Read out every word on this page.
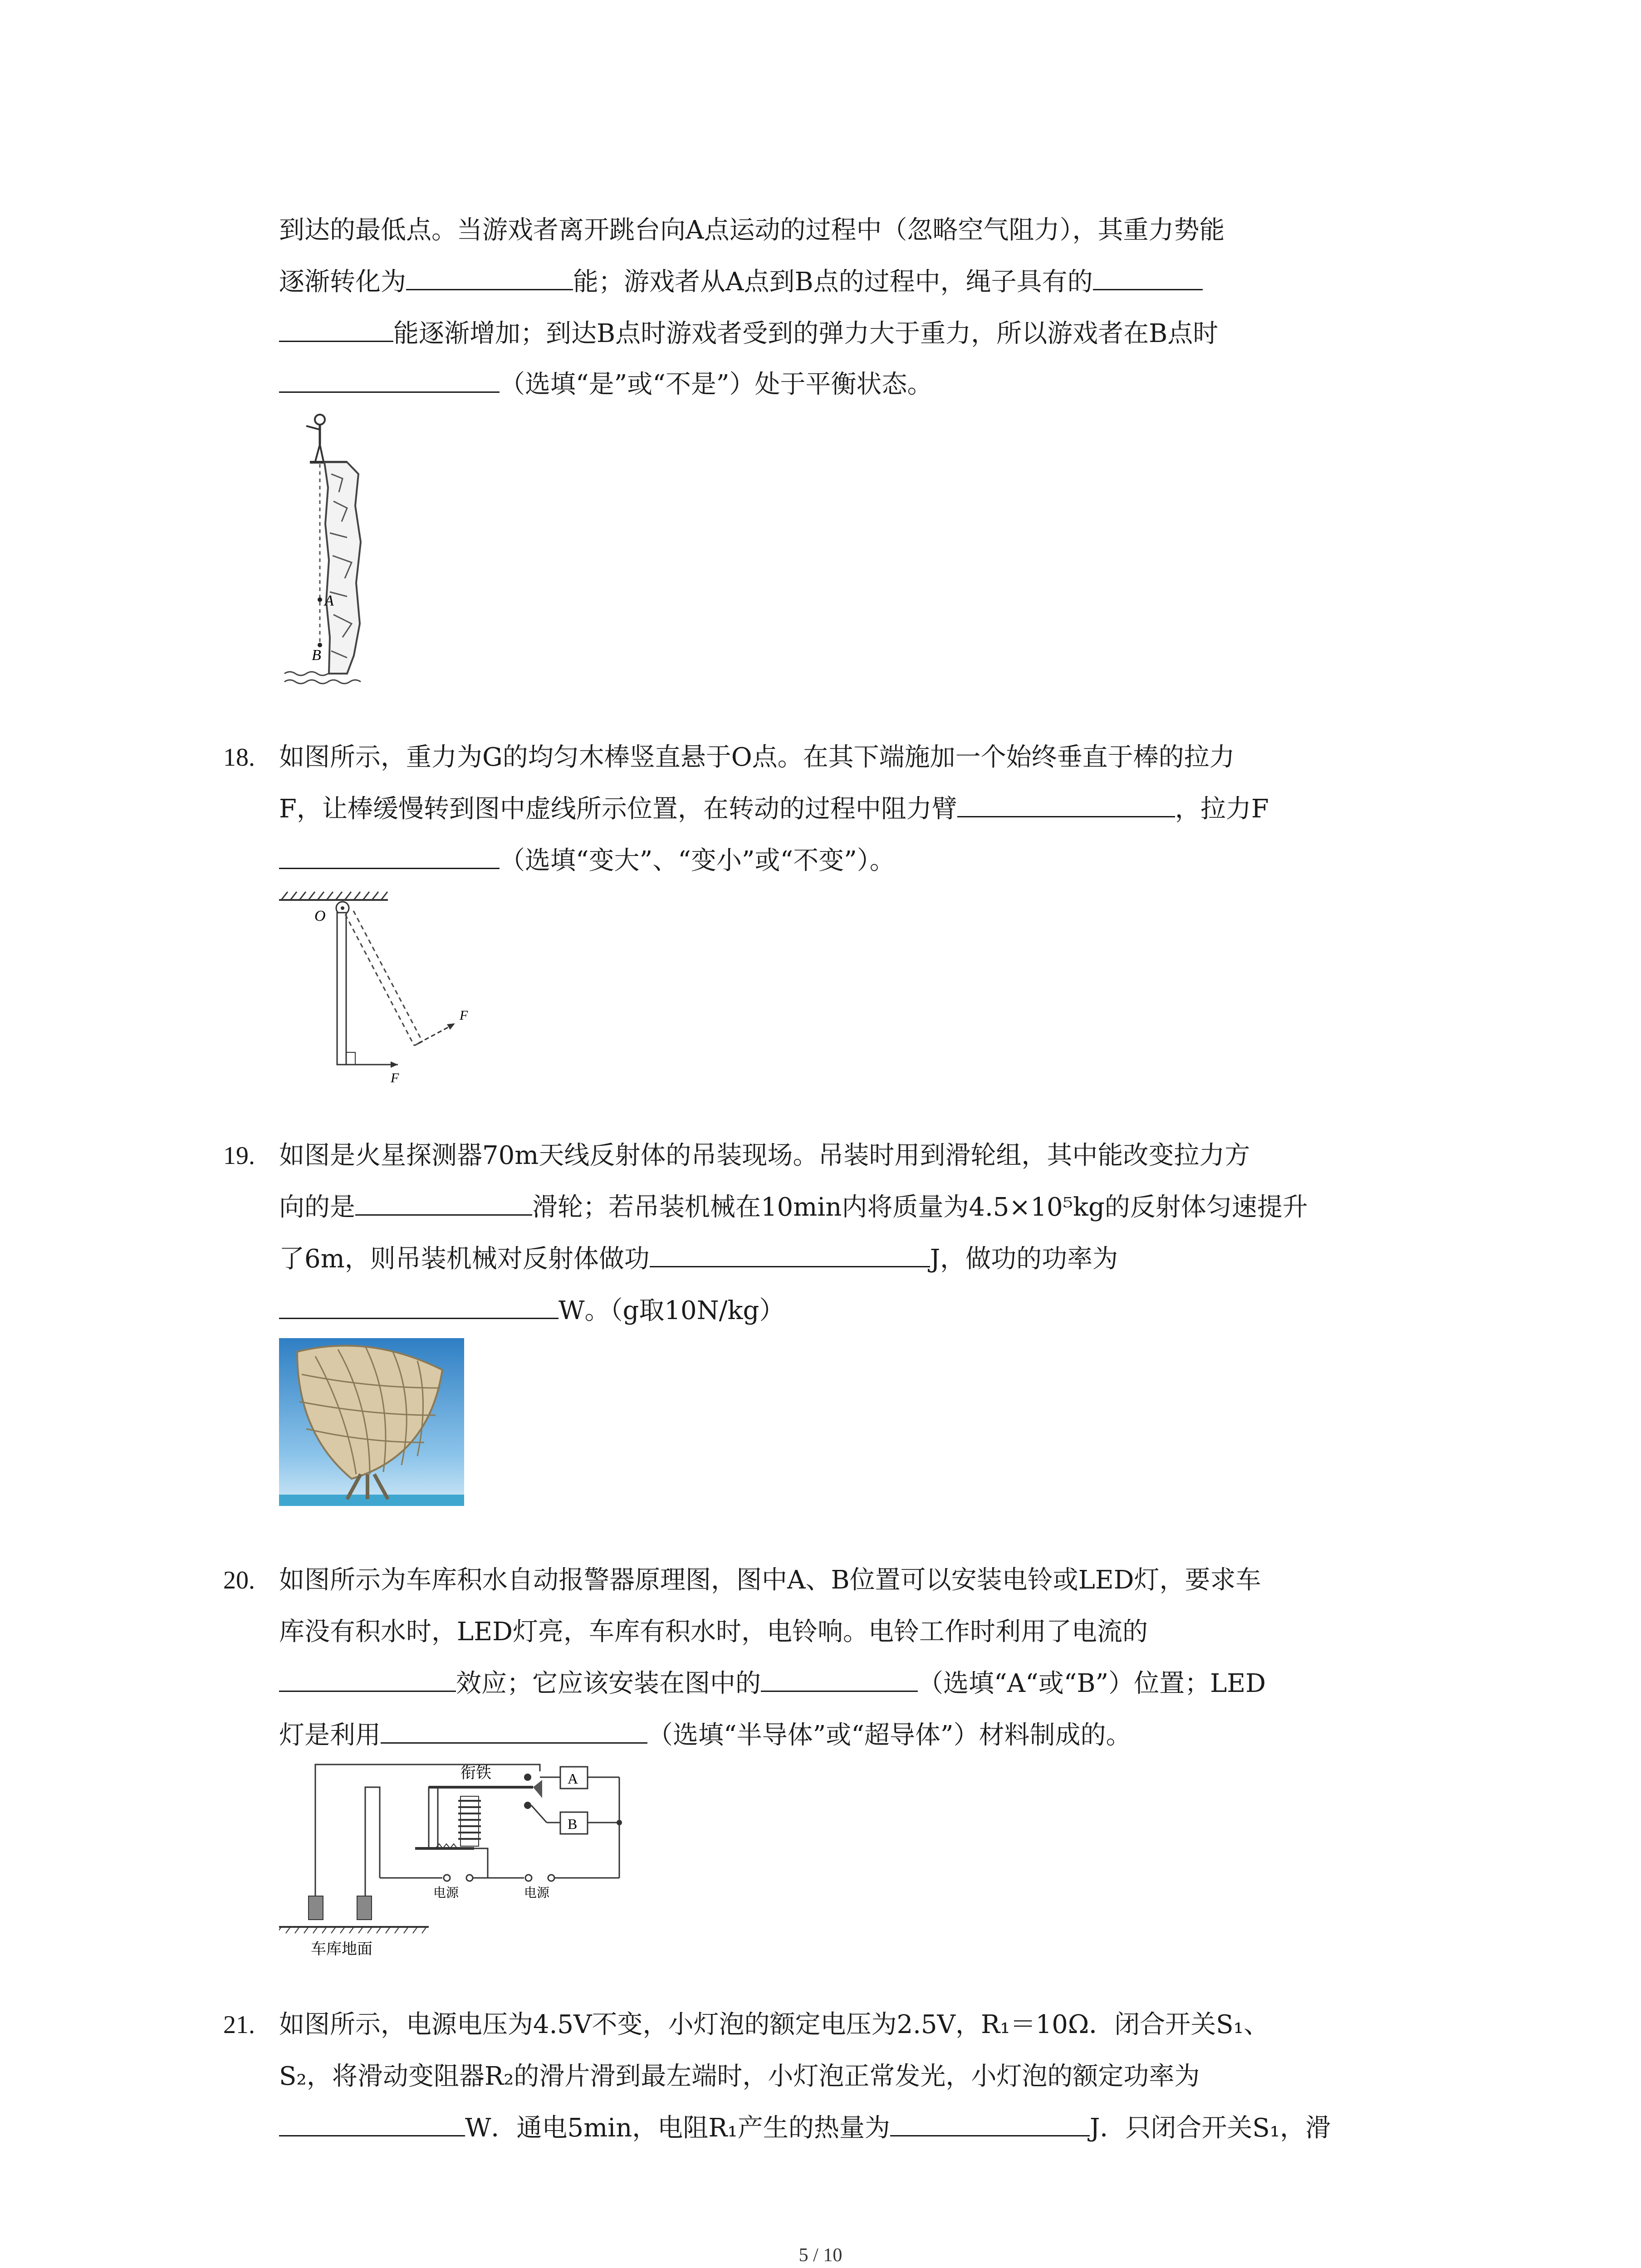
到达的最低点。当游戏者离开跳台向A点运动的过程中（忽略空气阻力），其重力势能
逐渐转化为	能；游戏者从A点到B点的过程中，绳子具有的
能逐渐增加；到达B点时游戏者受到的弹力大于重力，所以游戏者在B点时
（选填“是”或“不是”）处于平衡状态。
A
B
18. 如图所示，重力为G的均匀木棒竖直悬于O点。在其下端施加一个始终垂直于棒的拉力
F，让棒缓慢转到图中虚线所示位置，在转动的过程中阻力臂	，拉力F
（选填“变大”、“变小”或“不变”）。
O
F
F
19. 如图是火星探测器70m天线反射体的吊装现场。吊装时用到滑轮组，其中能改变拉力方
向的是	滑轮；若吊装机械在10min内将质量为4.5×10⁵kg的反射体匀速提升
了6m，则吊装机械对反射体做功	J，做功的功率为
W。（g取10N/kg）
20. 如图所示为车库积水自动报警器原理图，图中A、B位置可以安装电铃或LED灯，要求车
库没有积水时，LED灯亮，车库有积水时，电铃响。电铃工作时利用了电流的
效应；它应该安装在图中的	（选填“A“或“B”）位置；LED
灯是利用	（选填“半导体”或“超导体”）材料制成的。
车库地面
衔铁	A
B
电源	电源
21. 如图所示，电源电压为4.5V不变，小灯泡的额定电压为2.5V，R₁＝10Ω．闭合开关S₁、
S₂，将滑动变阻器R₂的滑片滑到最左端时，小灯泡正常发光，小灯泡的额定功率为
W．通电5min，电阻R₁产生的热量为	J．只闭合开关S₁，滑
5 / 10
